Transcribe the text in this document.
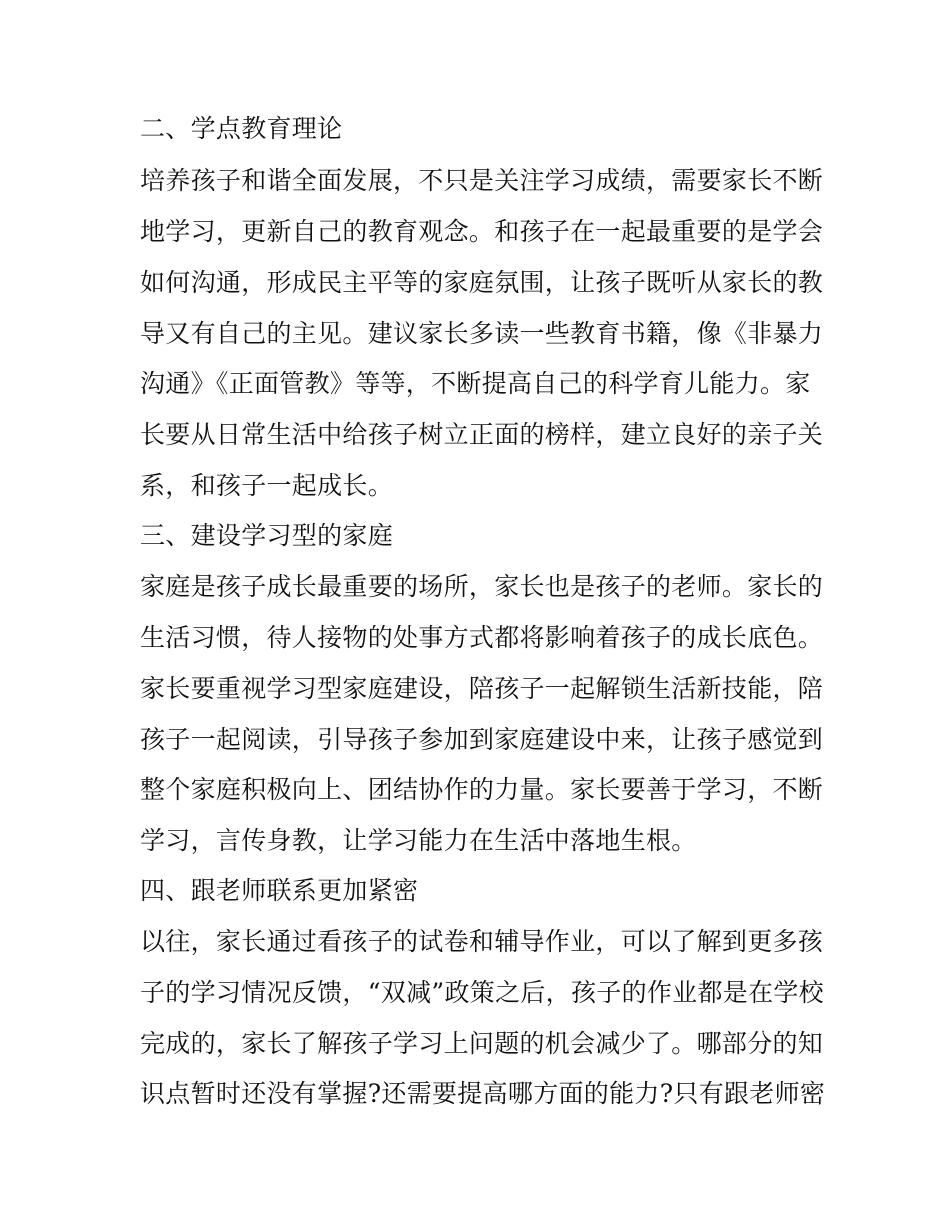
二、学点教育理论

培养孩子和谐全面发展，不只是关注学习成绩，需要家长不断

地学习，更新自己的教育观念。和孩子在一起最重要的是学会

如何沟通，形成民主平等的家庭氛围，让孩子既听从家长的教

导又有自己的主见。建议家长多读一些教育书籍，像《非暴力

沟通》《正面管教》等等，不断提高自己的科学育儿能力。家

长要从日常生活中给孩子树立正面的榜样，建立良好的亲子关

系，和孩子一起成长。

三、建设学习型的家庭

家庭是孩子成长最重要的场所，家长也是孩子的老师。家长的

生活习惯，待人接物的处事方式都将影响着孩子的成长底色。

家长要重视学习型家庭建设，陪孩子一起解锁生活新技能，陪

孩子一起阅读，引导孩子参加到家庭建设中来，让孩子感觉到

整个家庭积极向上、团结协作的力量。家长要善于学习，不断

学习，言传身教，让学习能力在生活中落地生根。

四、跟老师联系更加紧密

以往，家长通过看孩子的试卷和辅导作业，可以了解到更多孩

子的学习情况反馈，“双减”政策之后，孩子的作业都是在学校

完成的，家长了解孩子学习上问题的机会减少了。哪部分的知

识点暂时还没有掌握?还需要提高哪方面的能力?只有跟老师密
